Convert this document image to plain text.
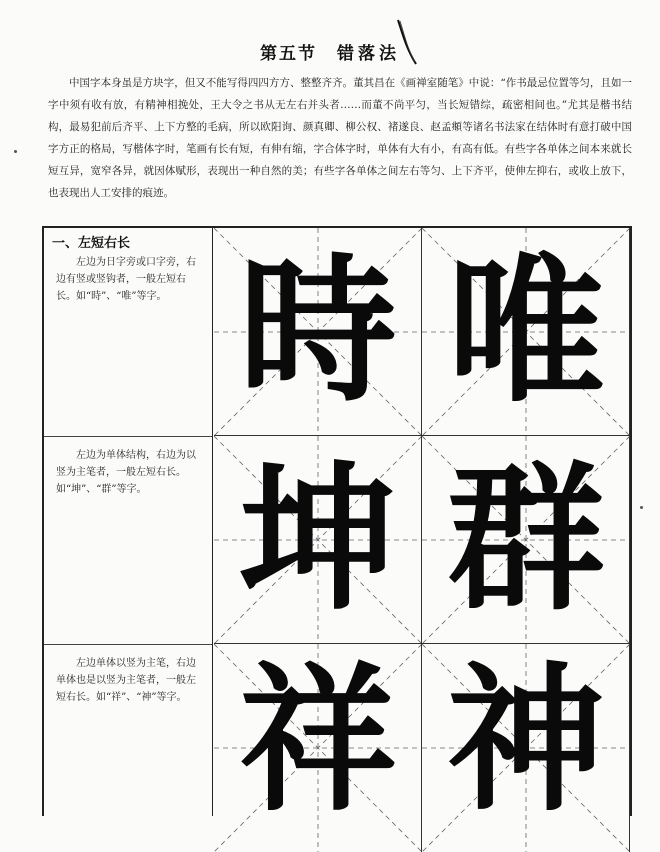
第五节 错落法
中国字本身虽是方块字，但又不能写得四四方方、整整齐齐。董其昌在《画禅室随笔》中说：“作书最忌位置等匀，且如一字中须有收有放，有精神相挽处，王大令之书从无左右并头者……而董不尚平匀，当长短错综，疏密相间也。”尤其是楷书结构，最易犯前后齐平、上下方整的毛病，所以欧阳询、颜真卿、柳公权、褚遂良、赵孟頫等诸名书法家在结体时有意打破中国字方正的格局，写楷体字时，笔画有长有短，有伸有缩，字合体字时，单体有大有小，有高有低。有些字各单体之间本来就长短互异，宽窄各异，就因体赋形，表现出一种自然的美；有些字各单体之间左右等匀、上下齐平，使伸左抑右，或收上放下，也表现出人工安排的痕迹。
一、左短右长
左边为日字旁或口字旁，右边有竖或竖钩者，一般左短右长。如“時”、“唯”等字。
左边为单体结构，右边为以竖为主笔者，一般左短右长。如“坤”、“群”等字。
左边单体以竖为主笔，右边单体也是以竖为主笔者，一般左短右长。如“祥”、“神”等字。
時 唯
坤 群
祥 神
